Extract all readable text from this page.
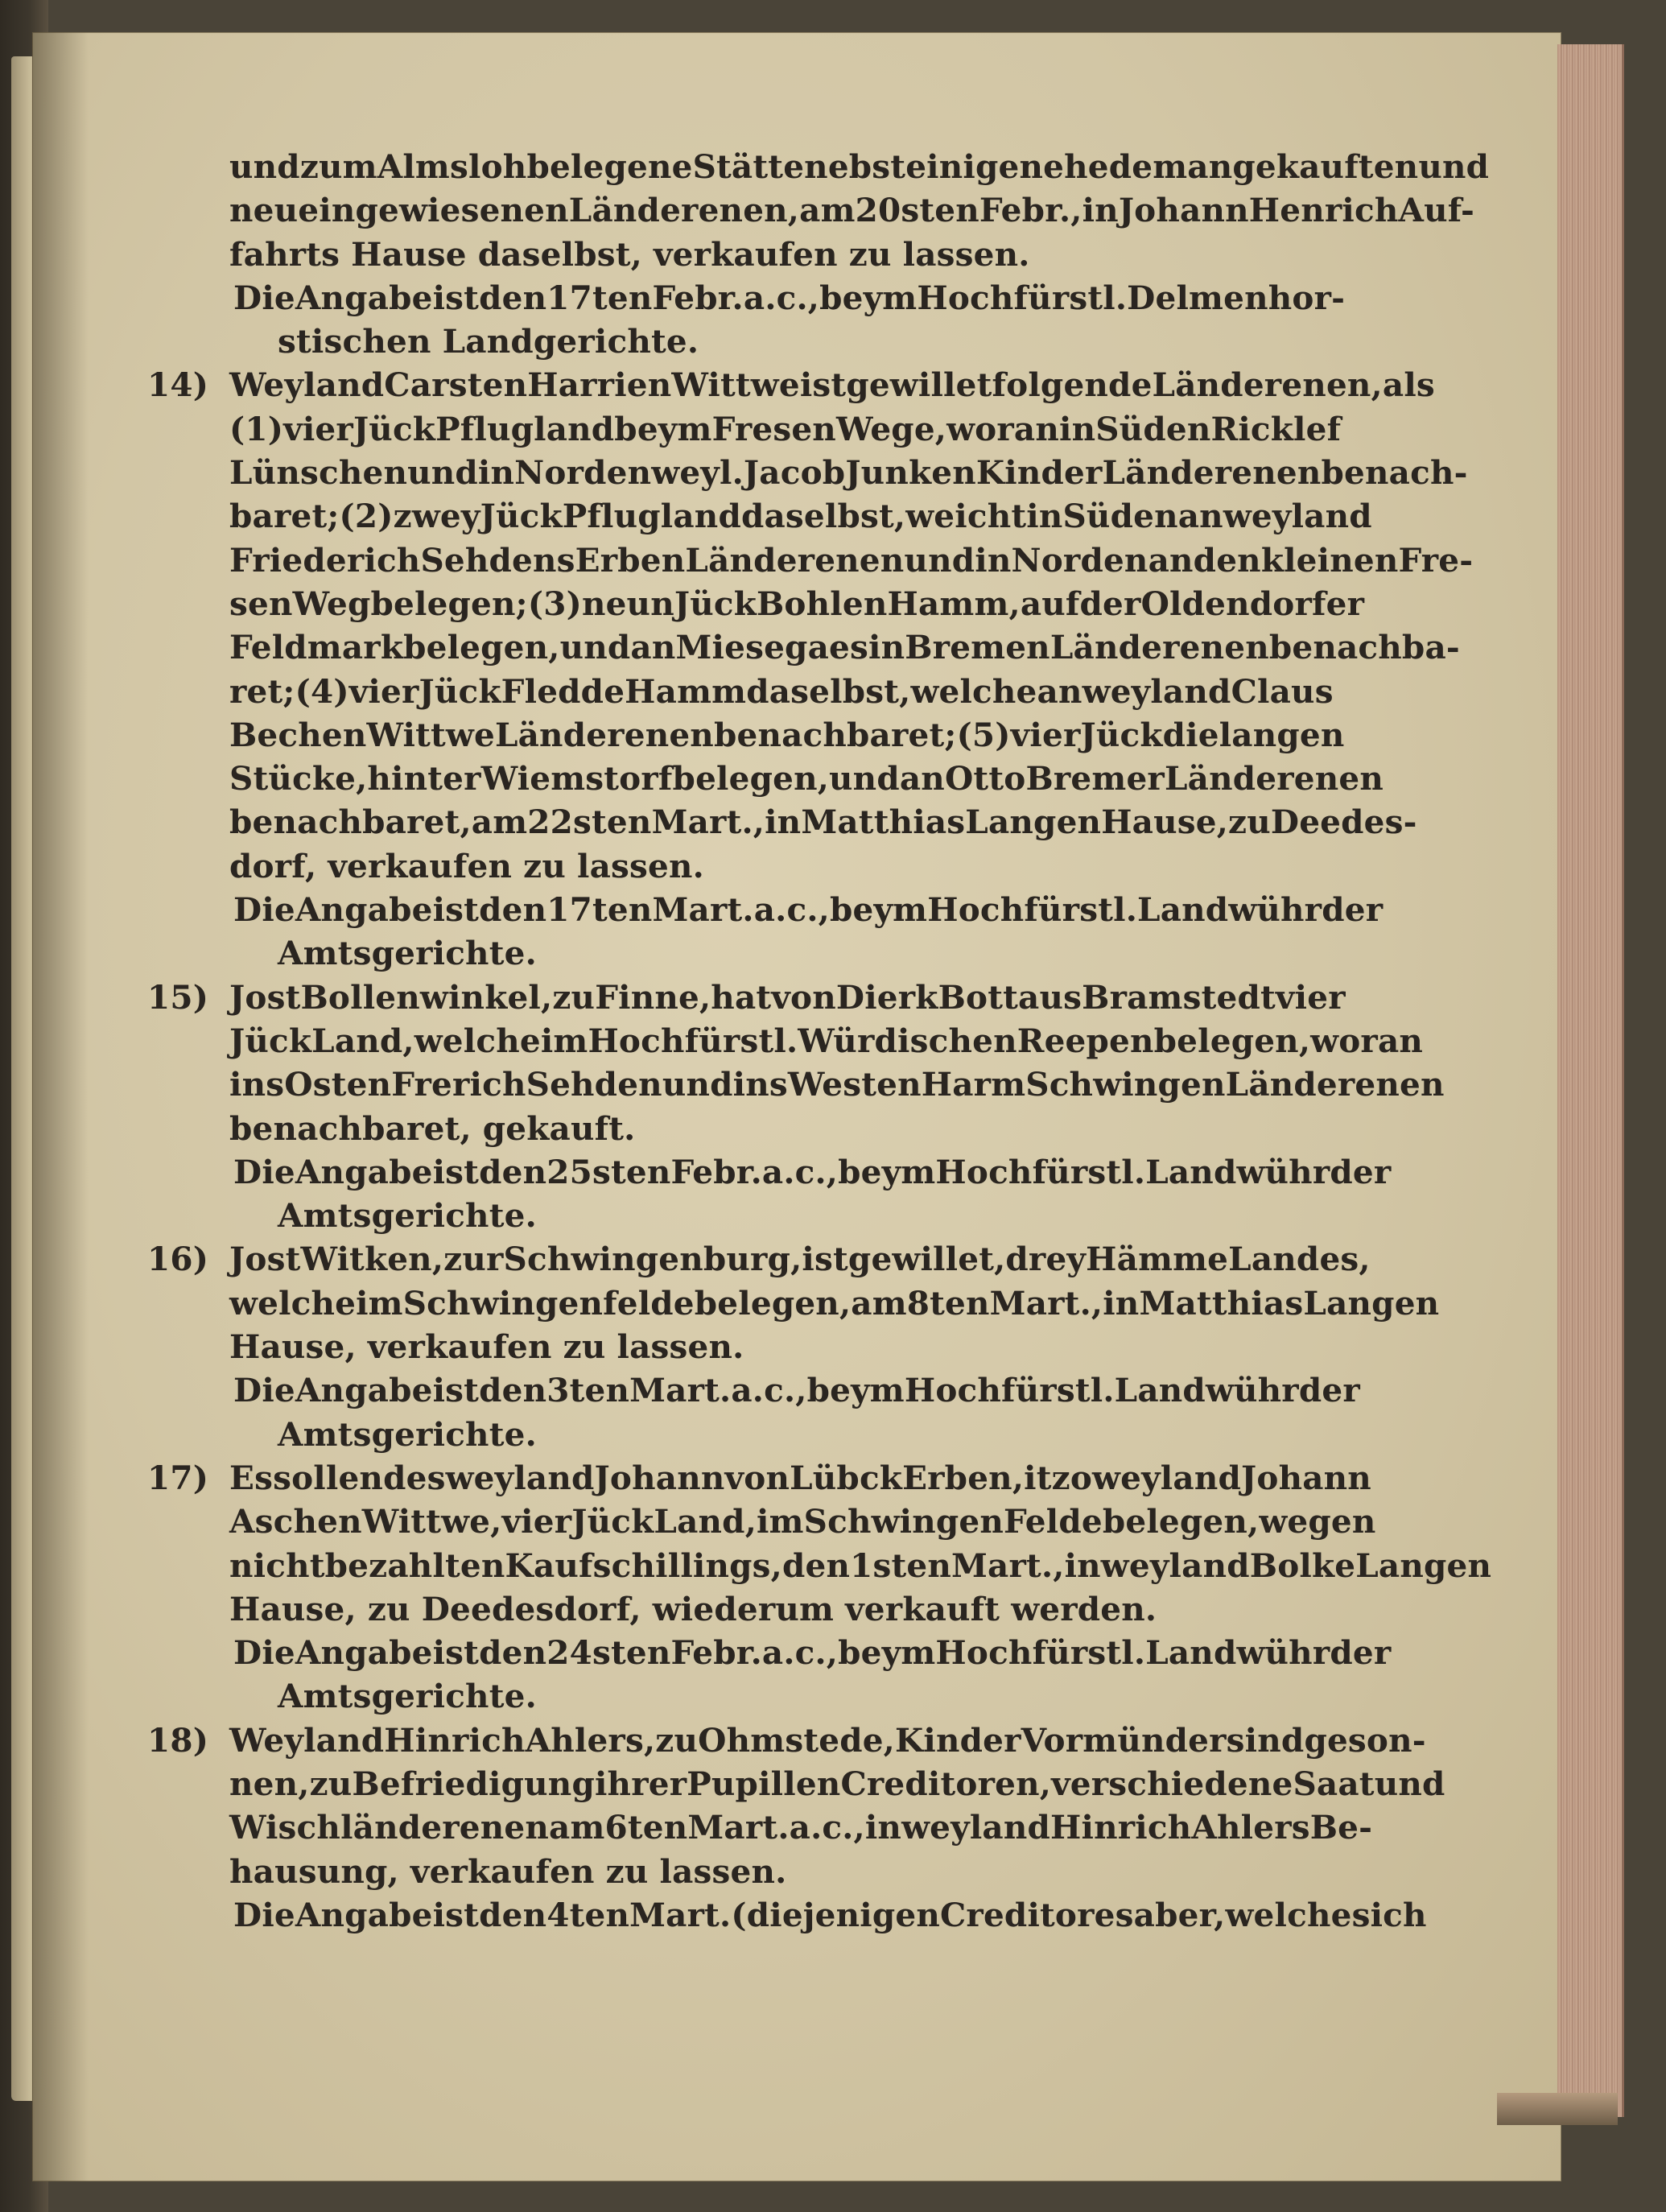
und zum Almsloh belegene Stätte nebst einigen ehedem angekauften und
neu eingewiesenen Länderenen, am 20sten Febr., in Johann Henrich Auf-
fahrts Hause daselbst, verkaufen zu lassen.
Die Angabe ist den 17ten Febr. a. c., beym Hochfürstl. Delmenhor-
stischen Landgerichte.
14) Weyland Carsten Harrien Wittwe ist gewillet folgende Länderenen, als
(1) vier Jück Pflugland beym Fresen Wege, woran in Süden Ricklef
Lünschen und in Norden weyl. Jacob Junken Kinder Länderenen benach-
baret; (2) zwey Jück Pflugland daselbst, weicht in Süden an weyland
Friederich Sehdens Erben Länderenen und in Norden an den kleinen Fre-
sen Weg belegen; (3) neun Jück Bohlen Hamm, auf der Oldendorfer
Feldmark belegen, und an Miesegaes in Bremen Länderenen benachba-
ret; (4) vier Jück Fledde Hamm daselbst, welche an weyland Claus
Bechen Wittwe Länderenen benachbaret; (5) vier Jück die langen
Stücke, hinter Wiemstorf belegen, und an Otto Bremer Länderenen
benachbaret, am 22sten Mart., in Matthias Langen Hause, zu Deedes-
dorf, verkaufen zu lassen.
Die Angabe ist den 17ten Mart. a. c., beym Hochfürstl. Landwührder
Amtsgerichte.
15) Jost Bollenwinkel, zu Finne, hat von Dierk Bott aus Bramstedt vier
Jück Land, welche im Hochfürstl. Würdischen Reepen belegen, woran
ins Osten Frerich Sehden und ins Westen Harm Schwingen Länderenen
benachbaret, gekauft.
Die Angabe ist den 25sten Febr. a. c., beym Hochfürstl. Landwührder
Amtsgerichte.
16) Jost Witken, zur Schwingenburg, ist gewillet, drey Hämme Landes,
welche im Schwingenfelde belegen, am 8ten Mart., in Matthias Langen
Hause, verkaufen zu lassen.
Die Angabe ist den 3ten Mart. a. c., beym Hochfürstl. Landwührder
Amtsgerichte.
17) Es sollen des weyland Johann von Lübck Erben, itzo weyland Johann
Aschen Wittwe, vier Jück Land, im Schwingen Felde belegen, wegen
nicht bezahlten Kaufschillings, den 1sten Mart., in weyland Bolke Langen
Hause, zu Deedesdorf, wiederum verkauft werden.
Die Angabe ist den 24sten Febr. a. c., beym Hochfürstl. Landwührder
Amtsgerichte.
18) Weyland Hinrich Ahlers, zu Ohmstede, Kinder Vormünder sind geson-
nen, zu Befriedigung ihrer Pupillen Creditoren, verschiedene Saat und
Wischländerenen am 6ten Mart. a. c., in weyland Hinrich Ahlers Be-
hausung, verkaufen zu lassen.
Die Angabe ist den 4ten Mart. (diejenigen Creditores aber, welche sich
